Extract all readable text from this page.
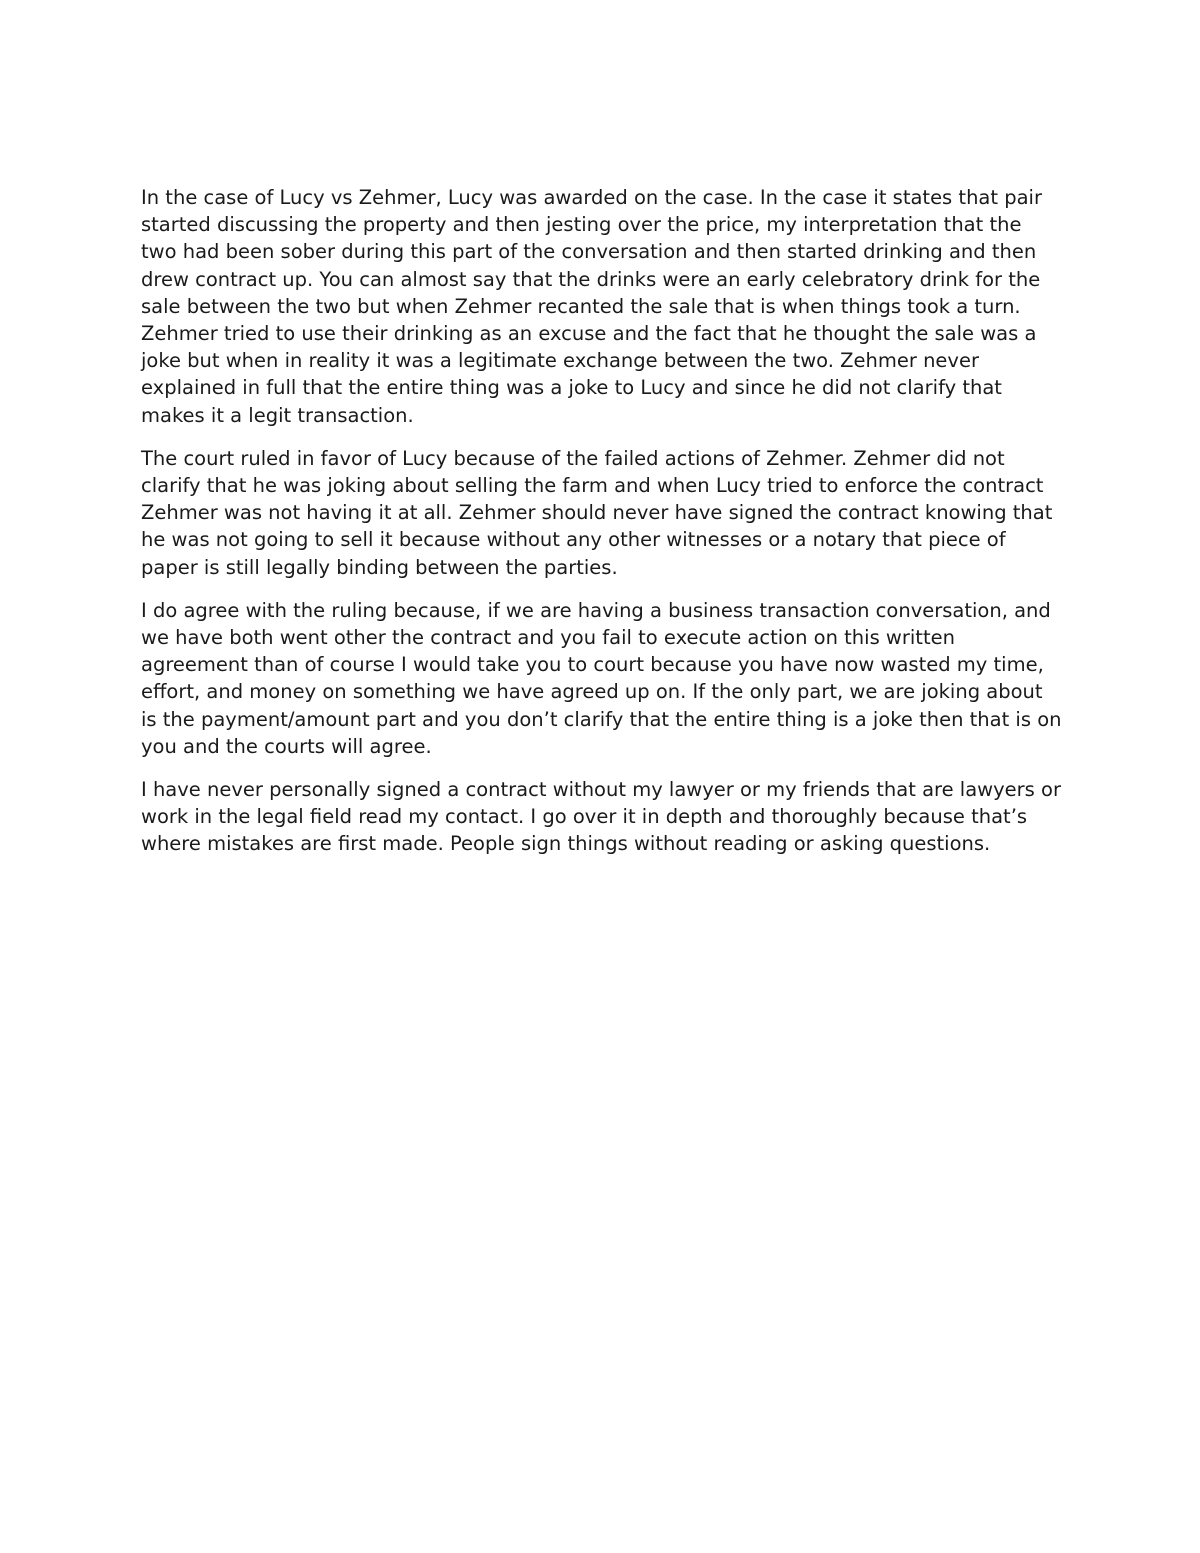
In the case of Lucy vs Zehmer, Lucy was awarded on the case. In the case it states that pair started discussing the property and then jesting over the price, my interpretation that the two had been sober during this part of the conversation and then started drinking and then drew contract up. You can almost say that the drinks were an early celebratory drink for the sale between the two but when Zehmer recanted the sale that is when things took a turn. Zehmer tried to use their drinking as an excuse and the fact that he thought the sale was a joke but when in reality it was a legitimate exchange between the two. Zehmer never explained in full that the entire thing was a joke to Lucy and since he did not clarify that makes it a legit transaction.

The court ruled in favor of Lucy because of the failed actions of Zehmer. Zehmer did not clarify that he was joking about selling the farm and when Lucy tried to enforce the contract Zehmer was not having it at all. Zehmer should never have signed the contract knowing that he was not going to sell it because without any other witnesses or a notary that piece of paper is still legally binding between the parties.

I do agree with the ruling because, if we are having a business transaction conversation, and we have both went other the contract and you fail to execute action on this written agreement than of course I would take you to court because you have now wasted my time, effort, and money on something we have agreed up on. If the only part, we are joking about is the payment/amount part and you don’t clarify that the entire thing is a joke then that is on you and the courts will agree.

I have never personally signed a contract without my lawyer or my friends that are lawyers or work in the legal field read my contact. I go over it in depth and thoroughly because that’s where mistakes are first made. People sign things without reading or asking questions.
